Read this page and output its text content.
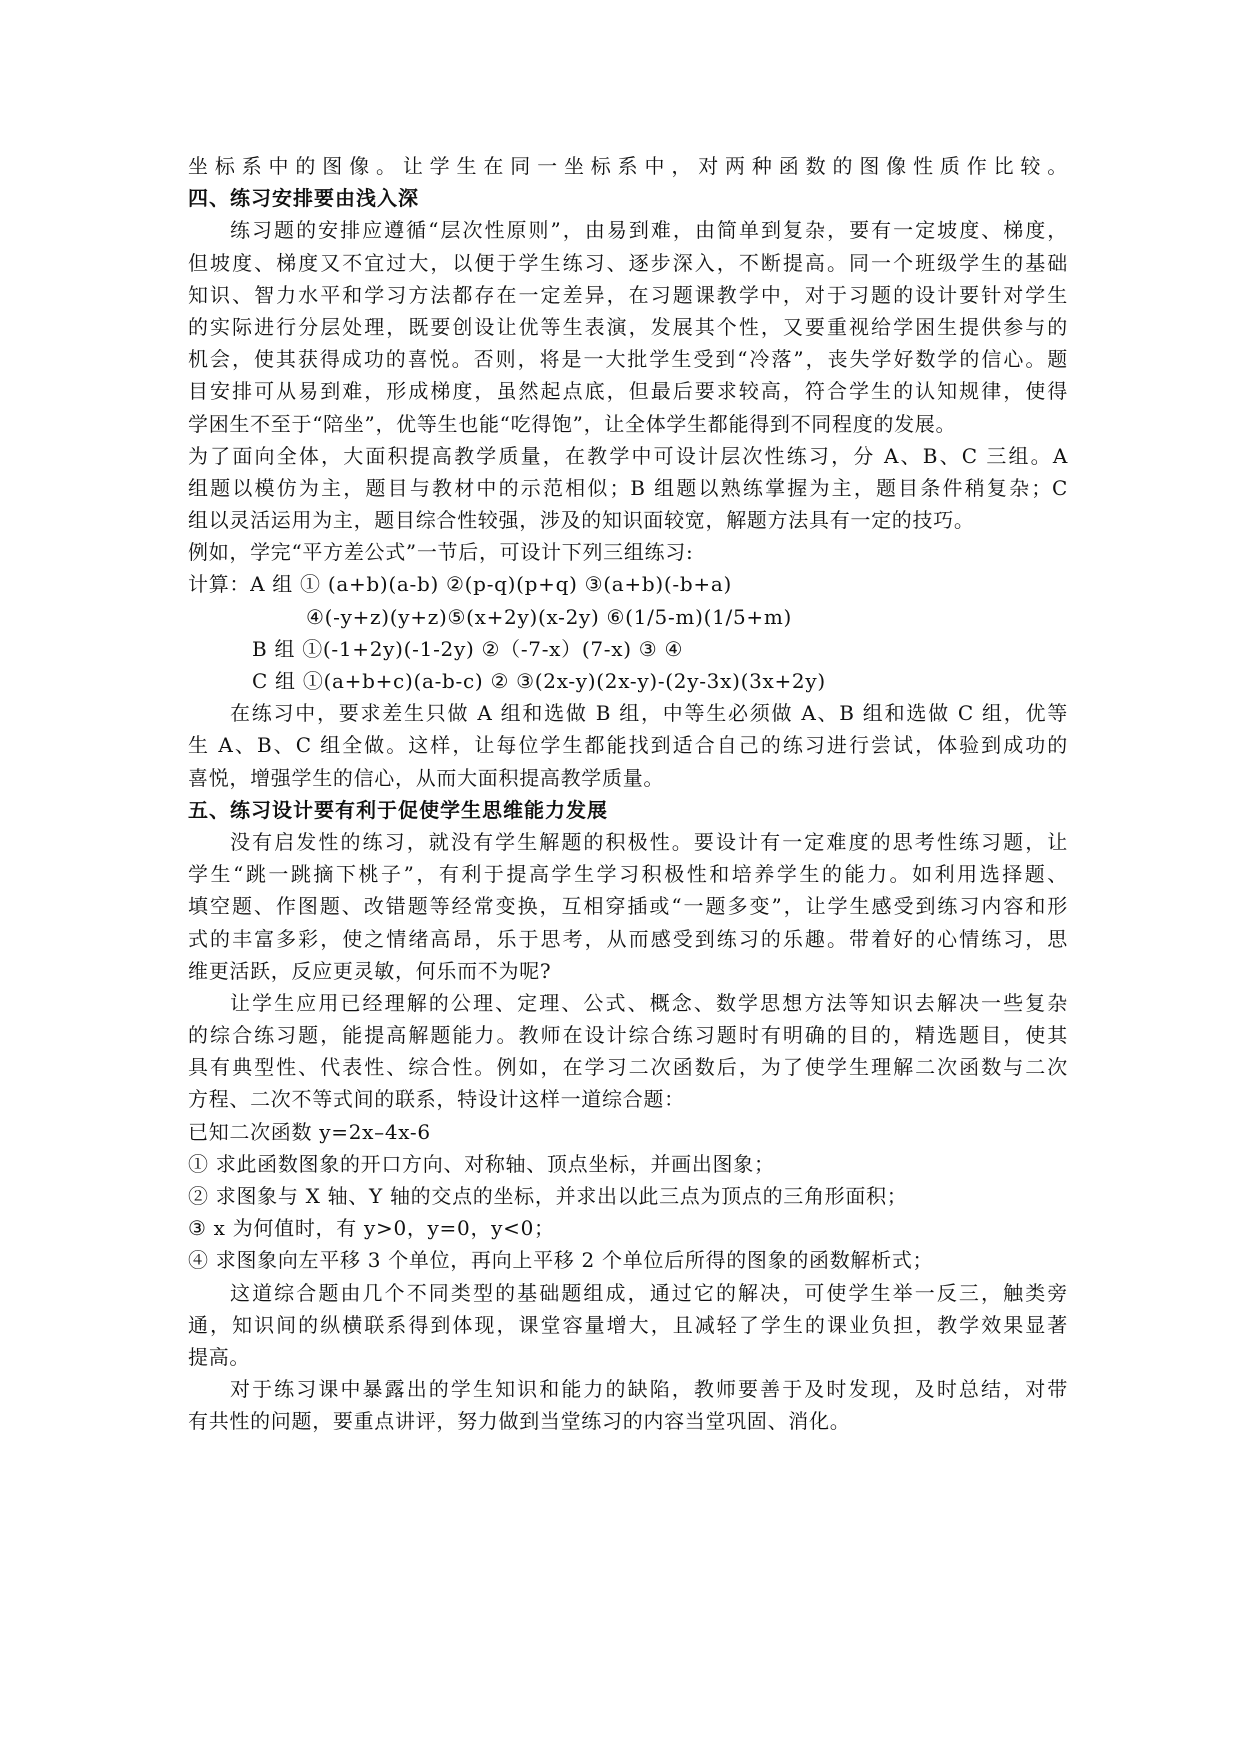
坐标系中的图像。让学生在同一坐标系中，对两种函数的图像性质作比较。
四、练习安排要由浅入深
练习题的安排应遵循“层次性原则”，由易到难，由简单到复杂，要有一定坡度、梯度，
但坡度、梯度又不宜过大，以便于学生练习、逐步深入，不断提高。同一个班级学生的基础
知识、智力水平和学习方法都存在一定差异，在习题课教学中，对于习题的设计要针对学生
的实际进行分层处理，既要创设让优等生表演，发展其个性，又要重视给学困生提供参与的
机会，使其获得成功的喜悦。否则，将是一大批学生受到“冷落”，丧失学好数学的信心。题
目安排可从易到难，形成梯度，虽然起点底，但最后要求较高，符合学生的认知规律，使得
学困生不至于“陪坐”，优等生也能“吃得饱”，让全体学生都能得到不同程度的发展。
为了面向全体，大面积提高教学质量，在教学中可设计层次性练习，分 A、B、C 三组。A
组题以模仿为主，题目与教材中的示范相似；B 组题以熟练掌握为主，题目条件稍复杂；C
组以灵活运用为主，题目综合性较强，涉及的知识面较宽，解题方法具有一定的技巧。
例如，学完“平方差公式”一节后，可设计下列三组练习:
计算：A 组 ① (a+b)(a-b) ②(p-q)(p+q) ③(a+b)(-b+a)
④(-y+z)(y+z)⑤(x+2y)(x-2y) ⑥(1/5-m)(1/5+m)
B 组 ①(-1+2y)(-1-2y) ②（-7-x）(7-x) ③ ④
C 组 ①(a+b+c)(a-b-c) ② ③(2x-y)(2x-y)-(2y-3x)(3x+2y)
在练习中，要求差生只做 A 组和选做 B 组，中等生必须做 A、B 组和选做 C 组，优等
生 A、B、C 组全做。这样，让每位学生都能找到适合自己的练习进行尝试，体验到成功的
喜悦，增强学生的信心，从而大面积提高教学质量。
五、练习设计要有利于促使学生思维能力发展
没有启发性的练习，就没有学生解题的积极性。要设计有一定难度的思考性练习题，让
学生“跳一跳摘下桃子”，有利于提高学生学习积极性和培养学生的能力。如利用选择题、
填空题、作图题、改错题等经常变换，互相穿插或“一题多变”，让学生感受到练习内容和形
式的丰富多彩，使之情绪高昂，乐于思考，从而感受到练习的乐趣。带着好的心情练习，思
维更活跃，反应更灵敏，何乐而不为呢?
让学生应用已经理解的公理、定理、公式、概念、数学思想方法等知识去解决一些复杂
的综合练习题，能提高解题能力。教师在设计综合练习题时有明确的目的，精选题目，使其
具有典型性、代表性、综合性。例如，在学习二次函数后，为了使学生理解二次函数与二次
方程、二次不等式间的联系，特设计这样一道综合题：
已知二次函数 y=2x–4x-6
① 求此函数图象的开口方向、对称轴、顶点坐标，并画出图象；
② 求图象与 X 轴、Y 轴的交点的坐标，并求出以此三点为顶点的三角形面积；
③ x 为何值时，有 y>0，y=0，y<0；
④ 求图象向左平移 3 个单位，再向上平移 2 个单位后所得的图象的函数解析式；
这道综合题由几个不同类型的基础题组成，通过它的解决，可使学生举一反三，触类旁
通，知识间的纵横联系得到体现，课堂容量增大，且减轻了学生的课业负担，教学效果显著
提高。
对于练习课中暴露出的学生知识和能力的缺陷，教师要善于及时发现，及时总结，对带
有共性的问题，要重点讲评，努力做到当堂练习的内容当堂巩固、消化。
